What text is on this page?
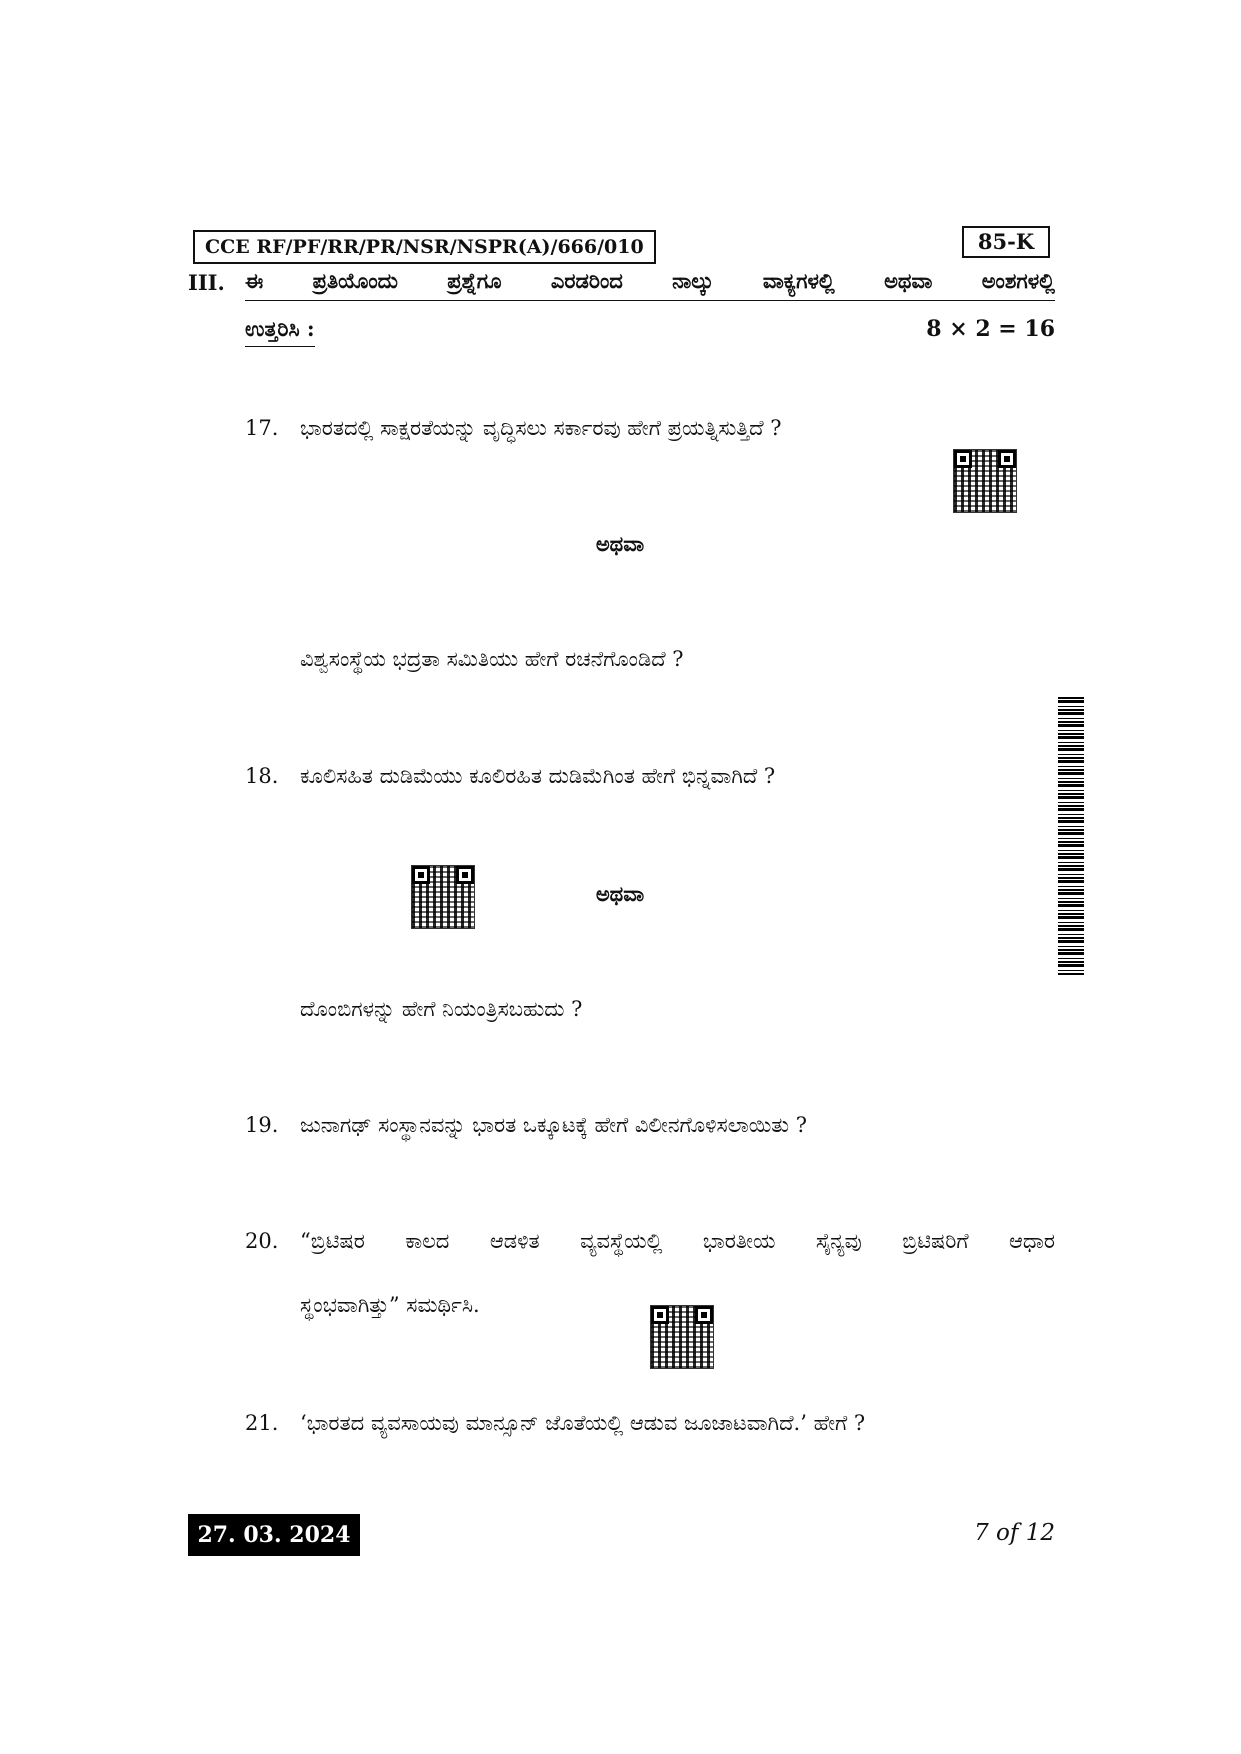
CCE RF/PF/RR/PR/NSR/NSPR(A)/666/010	85-K
III. ಈ ಪ್ರತಿಯೊಂದು ಪ್ರಶ್ನೆಗೂ ಎರಡರಿಂದ ನಾಲ್ಕು ವಾಕ್ಯಗಳಲ್ಲಿ ಅಥವಾ ಅಂಶಗಳಲ್ಲಿ
ಉತ್ತರಿಸಿ :	8 × 2 = 16
17.	ಭಾರತದಲ್ಲಿ ಸಾಕ್ಷರತೆಯನ್ನು ವೃದ್ಧಿಸಲು ಸರ್ಕಾರವು ಹೇಗೆ ಪ್ರಯತ್ನಿಸುತ್ತಿದೆ ?
ಅಥವಾ
ವಿಶ್ವಸಂಸ್ಥೆಯ ಭದ್ರತಾ ಸಮಿತಿಯು ಹೇಗೆ ರಚನೆಗೊಂಡಿದೆ ?
18.	ಕೂಲಿಸಹಿತ ದುಡಿಮೆಯು ಕೂಲಿರಹಿತ ದುಡಿಮೆಗಿಂತ ಹೇಗೆ ಭಿನ್ನವಾಗಿದೆ ?
ಅಥವಾ
ದೊಂಬಿಗಳನ್ನು ಹೇಗೆ ನಿಯಂತ್ರಿಸಬಹುದು ?
19.	ಜುನಾಗಢ್ ಸಂಸ್ಥಾನವನ್ನು ಭಾರತ ಒಕ್ಕೂಟಕ್ಕೆ ಹೇಗೆ ವಿಲೀನಗೊಳಿಸಲಾಯಿತು ?
20.	“ಬ್ರಿಟಿಷರ ಕಾಲದ ಆಡಳಿತ ವ್ಯವಸ್ಥೆಯಲ್ಲಿ ಭಾರತೀಯ ಸೈನ್ಯವು ಬ್ರಿಟಿಷರಿಗೆ ಆಧಾರ
ಸ್ಥಂಭವಾಗಿತ್ತು” ಸಮರ್ಥಿಸಿ.
21.	‘ಭಾರತದ ವ್ಯವಸಾಯವು ಮಾನ್ಸೂನ್ ಜೊತೆಯಲ್ಲಿ ಆಡುವ ಜೂಜಾಟವಾಗಿದೆ.’ ಹೇಗೆ ?
27. 03. 2024	7 of 12
